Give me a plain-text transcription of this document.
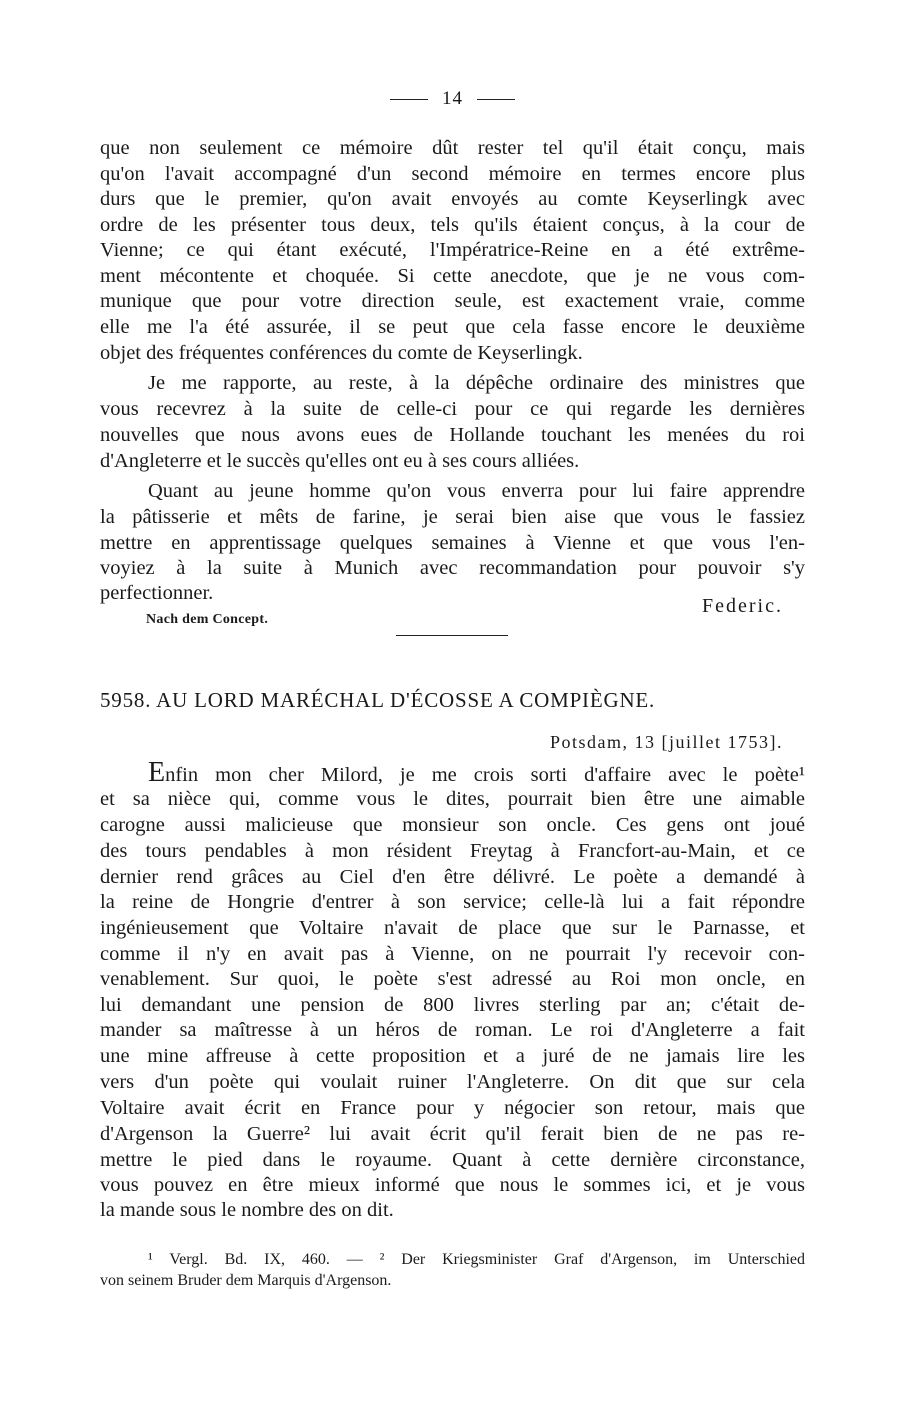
14
que non seulement ce mémoire dût rester tel qu'il était conçu, mais
qu'on l'avait accompagné d'un second mémoire en termes encore plus
durs que le premier, qu'on avait envoyés au comte Keyserlingk avec
ordre de les présenter tous deux, tels qu'ils étaient conçus, à la cour de
Vienne; ce qui étant exécuté, l'Impératrice-Reine en a été extrême-
ment mécontente et choquée. Si cette anecdote, que je ne vous com-
munique que pour votre direction seule, est exactement vraie, comme
elle me l'a été assurée, il se peut que cela fasse encore le deuxième
objet des fréquentes conférences du comte de Keyserlingk.
Je me rapporte, au reste, à la dépêche ordinaire des ministres que
vous recevrez à la suite de celle-ci pour ce qui regarde les dernières
nouvelles que nous avons eues de Hollande touchant les menées du roi
d'Angleterre et le succès qu'elles ont eu à ses cours alliées.
Quant au jeune homme qu'on vous enverra pour lui faire apprendre
la pâtisserie et mêts de farine, je serai bien aise que vous le fassiez
mettre en apprentissage quelques semaines à Vienne et que vous l'en-
voyiez à la suite à Munich avec recommandation pour pouvoir s'y
perfectionner.
Federic.
Nach dem Concept.
5958. AU LORD MARÉCHAL D'ÉCOSSE A COMPIÈGNE.
Potsdam, 13 [juillet 1753].
Enfin mon cher Milord, je me crois sorti d'affaire avec le poète¹
et sa nièce qui, comme vous le dites, pourrait bien être une aimable
carogne aussi malicieuse que monsieur son oncle. Ces gens ont joué
des tours pendables à mon résident Freytag à Francfort-au-Main, et ce
dernier rend grâces au Ciel d'en être délivré. Le poète a demandé à
la reine de Hongrie d'entrer à son service; celle-là lui a fait répondre
ingénieusement que Voltaire n'avait de place que sur le Parnasse, et
comme il n'y en avait pas à Vienne, on ne pourrait l'y recevoir con-
venablement. Sur quoi, le poète s'est adressé au Roi mon oncle, en
lui demandant une pension de 800 livres sterling par an; c'était de-
mander sa maîtresse à un héros de roman. Le roi d'Angleterre a fait
une mine affreuse à cette proposition et a juré de ne jamais lire les
vers d'un poète qui voulait ruiner l'Angleterre. On dit que sur cela
Voltaire avait écrit en France pour y négocier son retour, mais que
d'Argenson la Guerre² lui avait écrit qu'il ferait bien de ne pas re-
mettre le pied dans le royaume. Quant à cette dernière circonstance,
vous pouvez en être mieux informé que nous le sommes ici, et je vous
la mande sous le nombre des on dit.
¹ Vergl. Bd. IX, 460. — ² Der Kriegsminister Graf d'Argenson, im Unterschied
von seinem Bruder dem Marquis d'Argenson.
